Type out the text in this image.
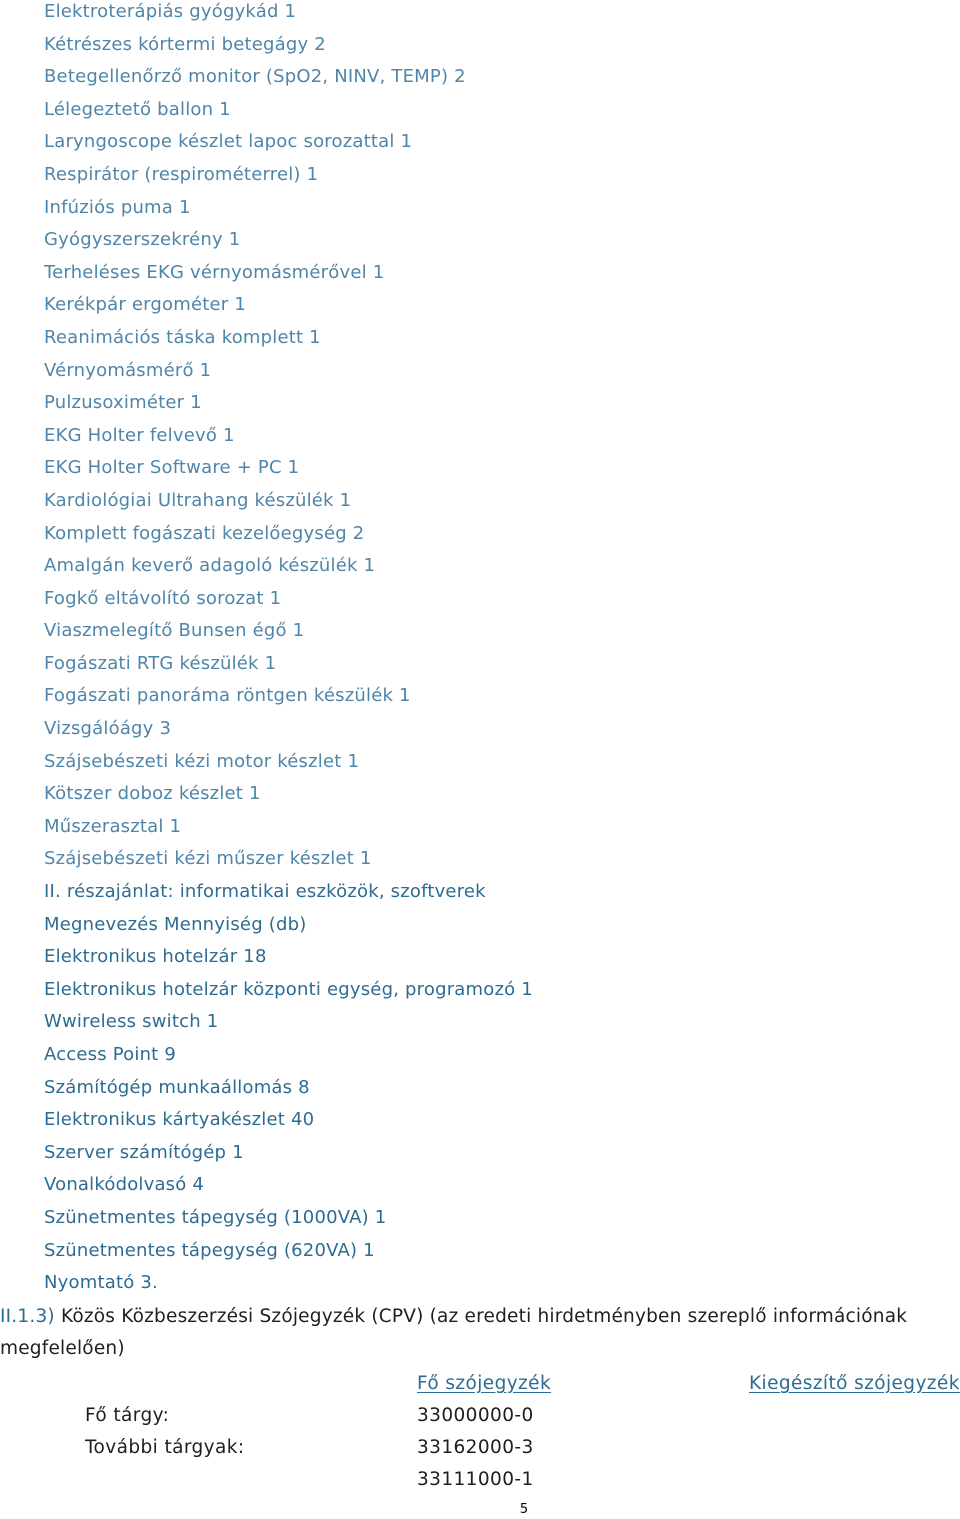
Elektroterápiás gyógykád 1
Kétrészes kórtermi betegágy 2
Betegellenőrző monitor (SpO2, NINV, TEMP) 2
Lélegeztető ballon 1
Laryngoscope készlet lapoc sorozattal 1
Respirátor (respirométerrel) 1
Infúziós puma 1
Gyógyszerszekrény 1
Terheléses EKG vérnyomásmérővel 1
Kerékpár ergométer 1
Reanimációs táska komplett 1
Vérnyomásmérő 1
Pulzusoximéter 1
EKG Holter felvevő 1
EKG Holter Software + PC 1
Kardiológiai Ultrahang készülék 1
Komplett fogászati kezelőegység 2
Amalgán keverő adagoló készülék 1
Fogkő eltávolító sorozat 1
Viaszmelegítő Bunsen égő 1
Fogászati RTG készülék 1
Fogászati panoráma röntgen készülék 1
Vizsgálóágy 3
Szájsebészeti kézi motor készlet 1
Kötszer doboz készlet 1
Műszerasztal 1
Szájsebészeti kézi műszer készlet 1
II. részajánlat: informatikai eszközök, szoftverek
Megnevezés Mennyiség (db)
Elektronikus hotelzár 18
Elektronikus hotelzár központi egység, programozó 1
Wwireless switch 1
Access Point 9
Számítógép munkaállomás 8
Elektronikus kártyakészlet 40
Szerver számítógép 1
Vonalkódolvasó 4
Szünetmentes tápegység (1000VA) 1
Szünetmentes tápegység (620VA) 1
Nyomtató 3.
II.1.3) Közös Közbeszerzési Szójegyzék (CPV) (az eredeti hirdetményben szereplő információnak megfelelően)
Fő szójegyzék	Kiegészítő szójegyzék
Fő tárgy:	33000000-0
További tárgyak:	33162000-3
33111000-1
5
